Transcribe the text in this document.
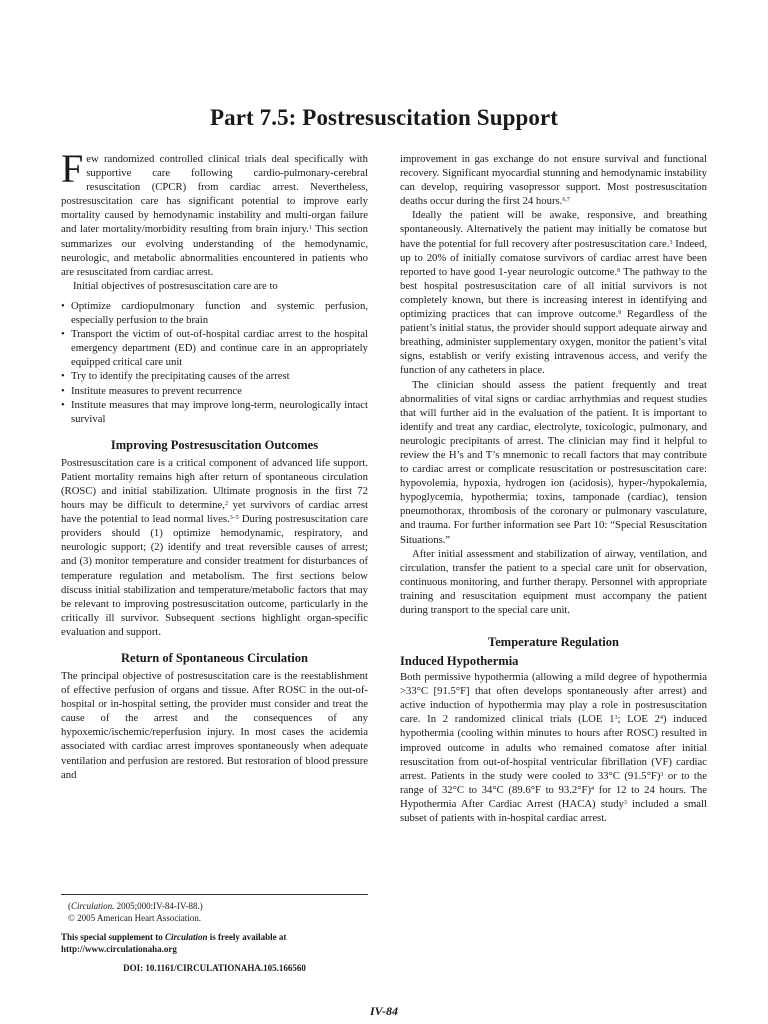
Part 7.5: Postresuscitation Support

Few randomized controlled clinical trials deal specifically with supportive care following cardio-pulmonary-cerebral resuscitation (CPCR) from cardiac arrest. Nevertheless, postresuscitation care has significant potential to improve early mortality caused by hemodynamic instability and multi-organ failure and later mortality/morbidity resulting from brain injury.$^1$ This section summarizes our evolving understanding of the hemodynamic, neurologic, and metabolic abnormalities encountered in patients who are resuscitated from cardiac arrest.

Initial objectives of postresuscitation care are to

• Optimize cardiopulmonary function and systemic perfusion, especially perfusion to the brain
• Transport the victim of out-of-hospital cardiac arrest to the hospital emergency department (ED) and continue care in an appropriately equipped critical care unit
• Try to identify the precipitating causes of the arrest
• Institute measures to prevent recurrence
• Institute measures that may improve long-term, neurologically intact survival
Improving Postresuscitation Outcomes

Postresuscitation care is a critical component of advanced life support. Patient mortality remains high after return of spontaneous circulation (ROSC) and initial stabilization. Ultimate prognosis in the first 72 hours may be difficult to determine,$^2$ yet survivors of cardiac arrest have the potential to lead normal lives.$^{3-5}$ During postresuscitation care providers should (1) optimize hemodynamic, respiratory, and neurologic support; (2) identify and treat reversible causes of arrest; and (3) monitor temperature and consider treatment for disturbances of temperature regulation and metabolism. The first sections below discuss initial stabilization and temperature/metabolic factors that may be relevant to improving postresuscitation outcome, particularly in the critically ill survivor. Subsequent sections highlight organ-specific evaluation and support.

Return of Spontaneous Circulation

The principal objective of postresuscitation care is the reestablishment of effective perfusion of organs and tissue. After ROSC in the out-of-hospital or in-hospital setting, the provider must consider and treat the cause of the arrest and the consequences of any hypoxemic/ischemic/reperfusion injury. In most cases the acidemia associated with cardiac arrest improves spontaneously when adequate ventilation and perfusion are restored. But restoration of blood pressure and

improvement in gas exchange do not ensure survival and functional recovery. Significant myocardial stunning and hemodynamic instability can develop, requiring vasopressor support. Most postresuscitation deaths occur during the first 24 hours.$^{6,7}$

Ideally the patient will be awake, responsive, and breathing spontaneously. Alternatively the patient may initially be comatose but have the potential for full recovery after postresuscitation care.$^3$ Indeed, up to 20% of initially comatose survivors of cardiac arrest have been reported to have good 1-year neurologic outcome.$^8$ The pathway to the best hospital postresuscitation care of all initial survivors is not completely known, but there is increasing interest in identifying and optimizing practices that can improve outcome.$^9$ Regardless of the patient’s initial status, the provider should support adequate airway and breathing, administer supplementary oxygen, monitor the patient’s vital signs, establish or verify existing intravenous access, and verify the function of any catheters in place.

The clinician should assess the patient frequently and treat abnormalities of vital signs or cardiac arrhythmias and request studies that will further aid in the evaluation of the patient. It is important to identify and treat any cardiac, electrolyte, toxicologic, pulmonary, and neurologic precipitants of arrest. The clinician may find it helpful to review the H’s and T’s mnemonic to recall factors that may contribute to cardiac arrest or complicate resuscitation or postresuscitation care: hypovolemia, hypoxia, hydrogen ion (acidosis), hyper-/hypokalemia, hypoglycemia, hypothermia; toxins, tamponade (cardiac), tension pneumothorax, thrombosis of the coronary or pulmonary vasculature, and trauma. For further information see Part 10: “Special Resuscitation Situations.”

After initial assessment and stabilization of airway, ventilation, and circulation, transfer the patient to a special care unit for observation, continuous monitoring, and further therapy. Personnel with appropriate training and resuscitation equipment must accompany the patient during transport to the special care unit.

Temperature Regulation
Induced Hypothermia

Both permissive hypothermia (allowing a mild degree of hypothermia >33°C [91.5°F] that often develops spontaneously after arrest) and active induction of hypothermia may play a role in postresuscitation care. In 2 randomized clinical trials (LOE $1^3$; LOE $2^4$) induced hypothermia (cooling within minutes to hours after ROSC) resulted in improved outcome in adults who remained comatose after initial resuscitation from out-of-hospital ventricular fibrillation (VF) cardiac arrest. Patients in the study were cooled to 33°C $(91.5^\circ F)^3$ or to the range of 32°C to 34°C (89.6°F to 93.2°F)$^4$ for 12 to 24 hours. The Hypothermia After Cardiac Arrest (HACA) study$^3$ included a small subset of patients with in-hospital cardiac arrest.

(Circulation. 2005;000:IV-84-IV-88.)
© 2005 American Heart Association.
This special supplement to Circulation is freely available at http://www.circulationaha.org
DOI: 10.1161/CIRCULATIONAHA.105.166560
IV-84
